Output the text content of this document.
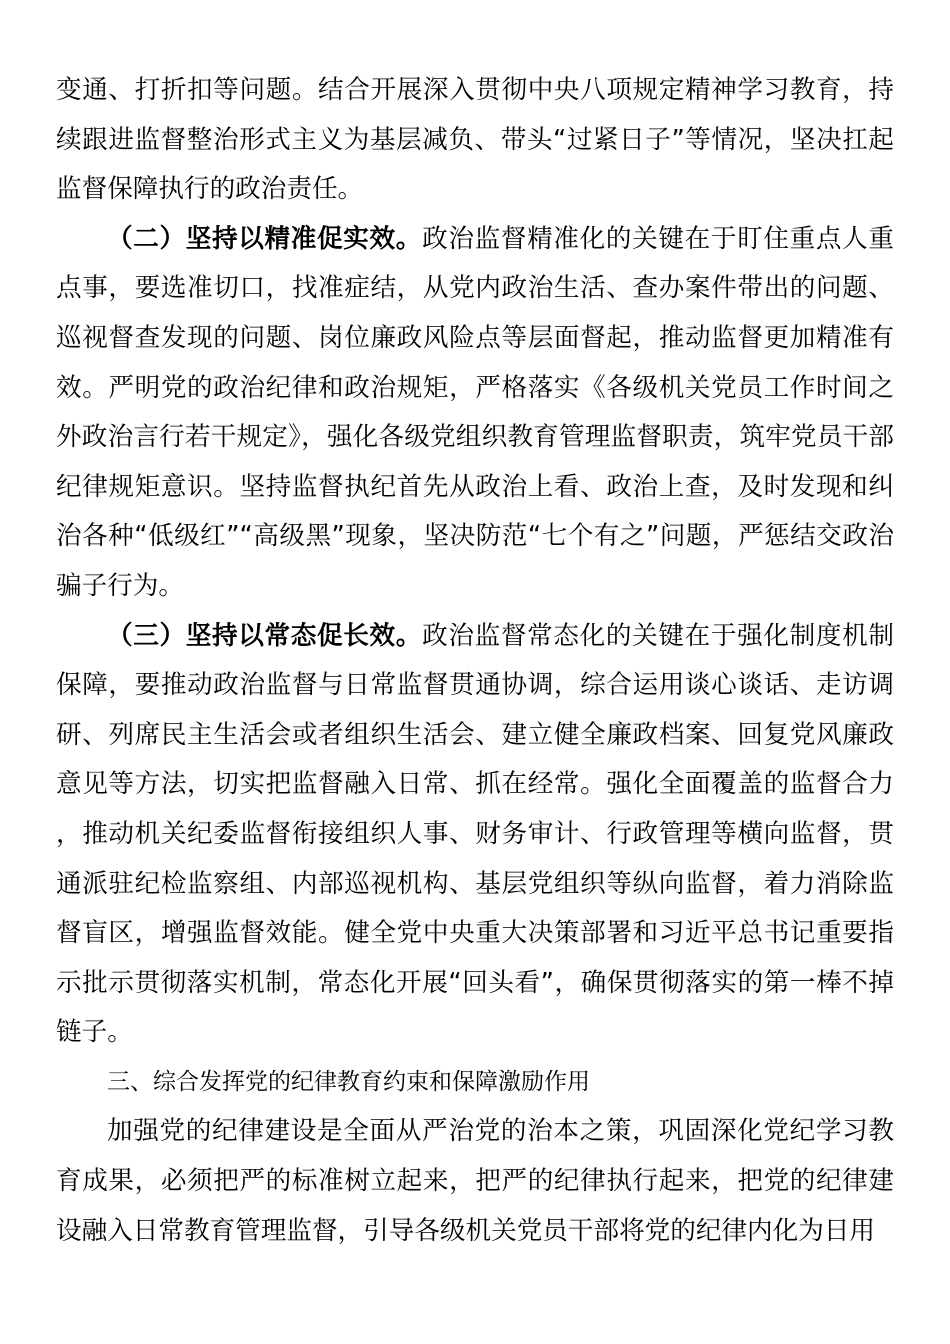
变通、打折扣等问题。结合开展深入贯彻中央八项规定精神学习教育，持续跟进监督整治形式主义为基层减负、带头“过紧日子”等情况，坚决扛起监督保障执行的政治责任。

（二）坚持以精准促实效。政治监督精准化的关键在于盯住重点人重点事，要选准切口，找准症结，从党内政治生活、查办案件带出的问题、巡视督查发现的问题、岗位廉政风险点等层面督起，推动监督更加精准有效。严明党的政治纪律和政治规矩，严格落实《各级机关党员工作时间之外政治言行若干规定》，强化各级党组织教育管理监督职责，筑牢党员干部纪律规矩意识。坚持监督执纪首先从政治上看、政治上查，及时发现和纠治各种“低级红”“高级黑”现象，坚决防范“七个有之”问题，严惩结交政治骗子行为。

（三）坚持以常态促长效。政治监督常态化的关键在于强化制度机制保障，要推动政治监督与日常监督贯通协调，综合运用谈心谈话、走访调研、列席民主生活会或者组织生活会、建立健全廉政档案、回复党风廉政意见等方法，切实把监督融入日常、抓在经常。强化全面覆盖的监督合力，推动机关纪委监督衔接组织人事、财务审计、行政管理等横向监督，贯通派驻纪检监察组、内部巡视机构、基层党组织等纵向监督，着力消除监督盲区，增强监督效能。健全党中央重大决策部署和习近平总书记重要指示批示贯彻落实机制，常态化开展“回头看”，确保贯彻落实的第一棒不掉链子。

三、综合发挥党的纪律教育约束和保障激励作用

加强党的纪律建设是全面从严治党的治本之策，巩固深化党纪学习教育成果，必须把严的标准树立起来，把严的纪律执行起来，把党的纪律建设融入日常教育管理监督，引导各级机关党员干部将党的纪律内化为日用
